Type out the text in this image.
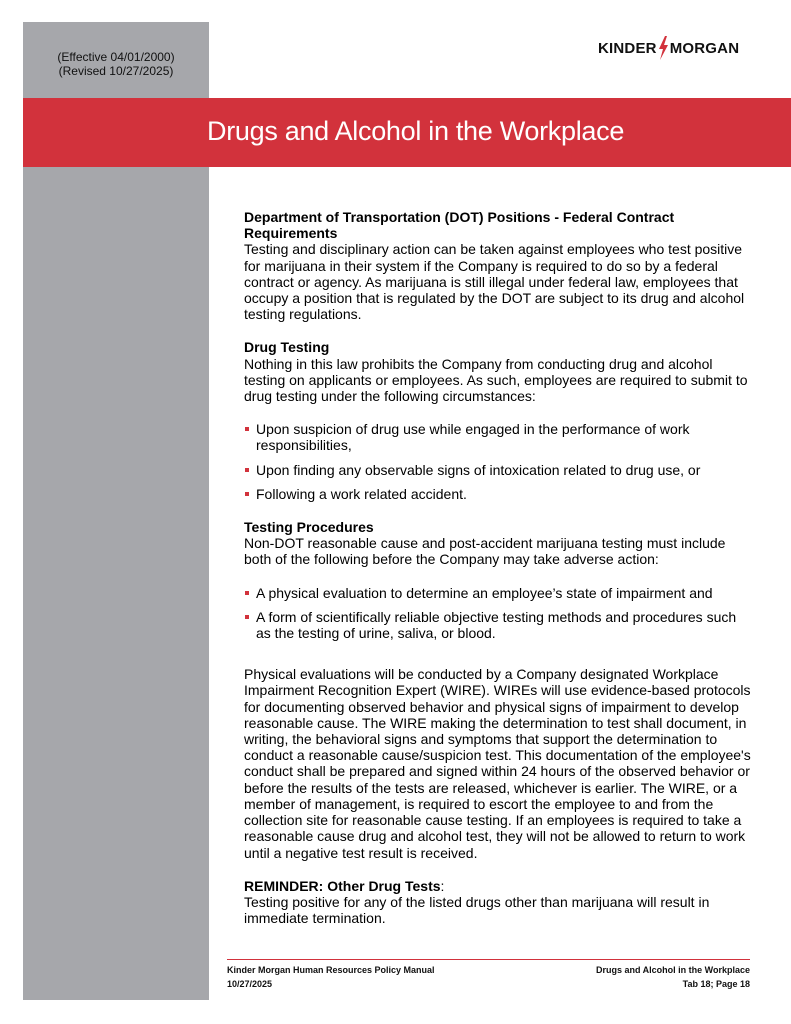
(Effective 04/01/2000)
(Revised 10/27/2025)
KINDER MORGAN
Drugs and Alcohol in the Workplace
Department of Transportation (DOT) Positions - Federal Contract Requirements
Testing and disciplinary action can be taken against employees who test positive for marijuana in their system if the Company is required to do so by a federal contract or agency. As marijuana is still illegal under federal law, employees that occupy a position that is regulated by the DOT are subject to its drug and alcohol testing regulations.
Drug Testing
Nothing in this law prohibits the Company from conducting drug and alcohol testing on applicants or employees. As such, employees are required to submit to drug testing under the following circumstances:
Upon suspicion of drug use while engaged in the performance of work responsibilities,
Upon finding any observable signs of intoxication related to drug use, or
Following a work related accident.
Testing Procedures
Non-DOT reasonable cause and post-accident marijuana testing must include both of the following before the Company may take adverse action:
A physical evaluation to determine an employee’s state of impairment and
A form of scientifically reliable objective testing methods and procedures such as the testing of urine, saliva, or blood.
Physical evaluations will be conducted by a Company designated Workplace Impairment Recognition Expert (WIRE). WIREs will use evidence-based protocols for documenting observed behavior and physical signs of impairment to develop reasonable cause. The WIRE making the determination to test shall document, in writing, the behavioral signs and symptoms that support the determination to conduct a reasonable cause/suspicion test. This documentation of the employee's conduct shall be prepared and signed within 24 hours of the observed behavior or before the results of the tests are released, whichever is earlier. The WIRE, or a member of management, is required to escort the employee to and from the collection site for reasonable cause testing. If an employees is required to take a reasonable cause drug and alcohol test, they will not be allowed to return to work until a negative test result is received.
REMINDER: Other Drug Tests:
Testing positive for any of the listed drugs other than marijuana will result in immediate termination.
Kinder Morgan Human Resources Policy Manual
10/27/2025
Drugs and Alcohol in the Workplace
Tab 18; Page 18
